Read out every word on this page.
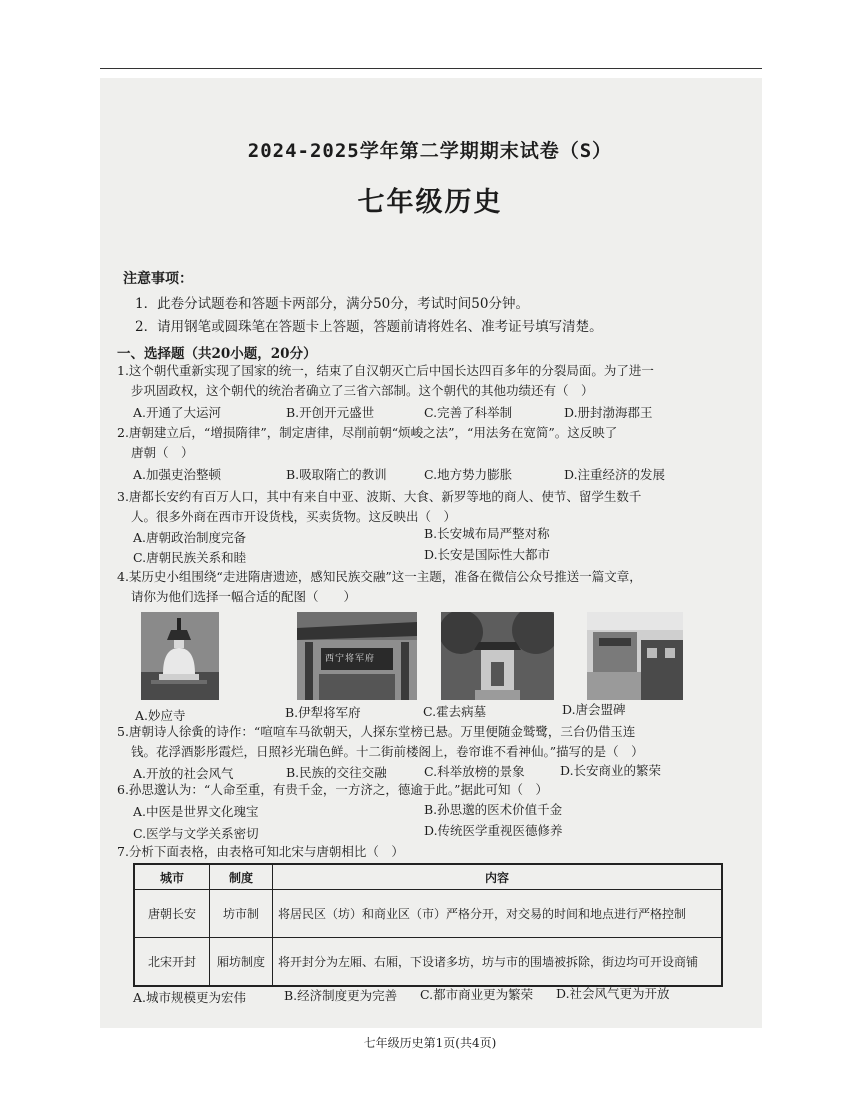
2024-2025学年第二学期期末试卷（S）
七年级历史
注意事项：
1．此卷分试题卷和答题卡两部分，满分50分，考试时间50分钟。
2．请用钢笔或圆珠笔在答题卡上答题，答题前请将姓名、准考证号填写清楚。
一、选择题（共20小题，20分）
1.这个朝代重新实现了国家的统一，结束了自汉朝灭亡后中国长达四百多年的分裂局面。为了进一
步巩固政权，这个朝代的统治者确立了三省六部制。这个朝代的其他功绩还有（　）
A.开通了大运河	B.开创开元盛世	C.完善了科举制	D.册封渤海郡王
2.唐朝建立后，“增损隋律”，制定唐律，尽削前朝“烦峻之法”，“用法务在宽简”。这反映了
唐朝（　）
A.加强吏治整顿	B.吸取隋亡的教训	C.地方势力膨胀	D.注重经济的发展
3.唐都长安约有百万人口，其中有来自中亚、波斯、大食、新罗等地的商人、使节、留学生数千
人。很多外商在西市开设货栈，买卖货物。这反映出（　）
A.唐朝政治制度完备	B.长安城布局严整对称
C.唐朝民族关系和睦	D.长安是国际性大都市
4.某历史小组围绕“走进隋唐遗迹，感知民族交融”这一主题，准备在微信公众号推送一篇文章，
请你为他们选择一幅合适的配图（　　）
西宁将军府
A.妙应寺	B.伊犁将军府	C.霍去病墓	D.唐会盟碑
5.唐朝诗人徐夤的诗作：“喧喧车马欲朝天，人探东堂榜已悬。万里便随金鹫鹭，三台仍借玉连
钱。花浮酒影彤霞烂，日照衫光瑞色鲜。十二街前楼阁上，卷帘谁不看神仙。”描写的是（　）
A.开放的社会风气	B.民族的交往交融	C.科举放榜的景象	D.长安商业的繁荣
6.孙思邈认为：“人命至重，有贵千金，一方济之，德逾于此。”据此可知（　）
A.中医是世界文化瑰宝	B.孙思邈的医术价值千金
C.医学与文学关系密切	D.传统医学重视医德修养
7.分析下面表格，由表格可知北宋与唐朝相比（　）
城市	制度	内容
唐朝长安	坊市制	将居民区（坊）和商业区（市）严格分开，对交易的时间和地点进行严格控制
北宋开封	厢坊制度	将开封分为左厢、右厢，下设诸多坊，坊与市的围墙被拆除，街边均可开设商铺
A.城市规模更为宏伟	B.经济制度更为完善 C.都市商业更为繁荣 D.社会风气更为开放
七年级历史第1页(共4页)
